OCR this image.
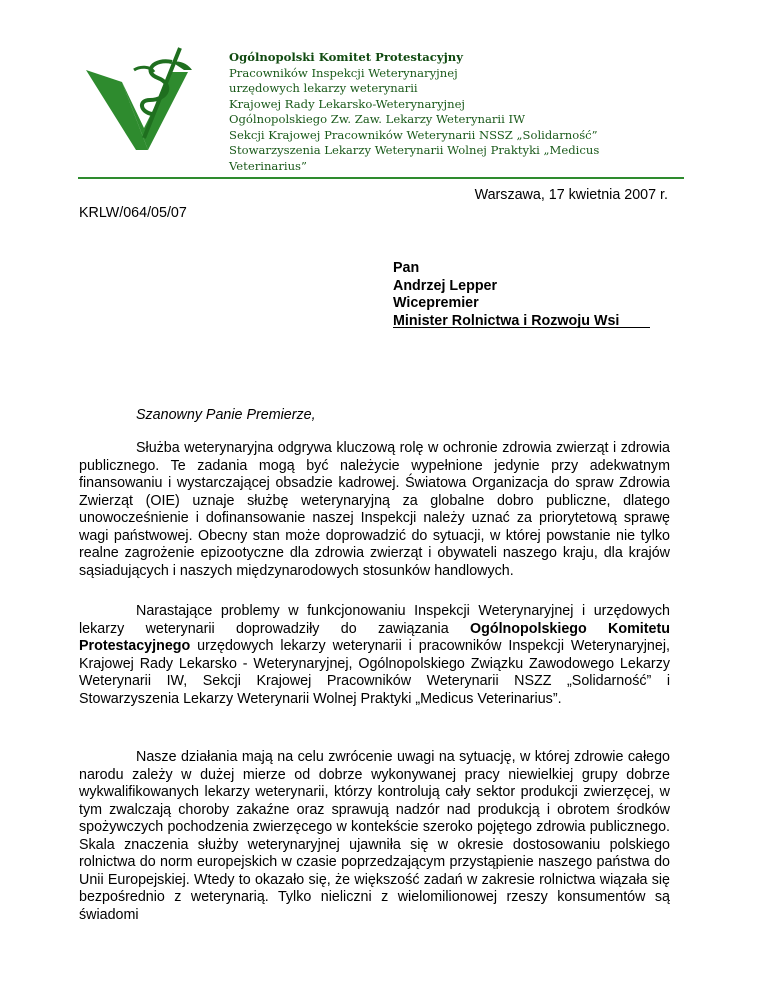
Ogólnopolski Komitet Protestacyjny
Pracowników Inspekcji Weterynaryjnej
urzędowych lekarzy weterynarii
Krajowej Rady Lekarsko-Weterynaryjnej
Ogólnopolskiego Zw. Zaw. Lekarzy Weterynarii IW
Sekcji Krajowej Pracowników Weterynarii NSSZ „Solidarność”
Stowarzyszenia Lekarzy Weterynarii Wolnej Praktyki „Medicus
Veterinarius”
Warszawa, 17 kwietnia 2007 r.
KRLW/064/05/07
Pan
Andrzej Lepper
Wicepremier
Minister Rolnictwa i Rozwoju Wsi
Szanowny Panie Premierze,

Służba weterynaryjna odgrywa kluczową rolę w ochronie zdrowia zwierząt i zdrowia publicznego. Te zadania mogą być należycie wypełnione jedynie przy adekwatnym finansowaniu i wystarczającej obsadzie kadrowej. Światowa Organizacja do spraw Zdrowia Zwierząt (OIE) uznaje służbę weterynaryjną za globalne dobro publiczne, dlatego unowocześnienie i dofinansowanie naszej Inspekcji należy uznać za priorytetową sprawę wagi państwowej. Obecny stan może doprowadzić do sytuacji, w której powstanie nie tylko realne zagrożenie epizootyczne dla zdrowia zwierząt i obywateli naszego kraju, dla krajów sąsiadujących i naszych międzynarodowych stosunków handlowych.

Narastające problemy w funkcjonowaniu Inspekcji Weterynaryjnej i urzędowych lekarzy weterynarii doprowadziły do zawiązania Ogólnopolskiego Komitetu Protestacyjnego urzędowych lekarzy weterynarii i pracowników Inspekcji Weterynaryjnej, Krajowej Rady Lekarsko - Weterynaryjnej, Ogólnopolskiego Związku Zawodowego Lekarzy Weterynarii IW, Sekcji Krajowej Pracowników Weterynarii NSZZ „Solidarność” i Stowarzyszenia Lekarzy Weterynarii Wolnej Praktyki „Medicus Veterinarius”.

Nasze działania mają na celu zwrócenie uwagi na sytuację, w której zdrowie całego narodu zależy w dużej mierze od dobrze wykonywanej pracy niewielkiej grupy dobrze wykwalifikowanych lekarzy weterynarii, którzy kontrolują cały sektor produkcji zwierzęcej, w tym zwalczają choroby zakaźne oraz sprawują nadzór nad produkcją i obrotem środków spożywczych pochodzenia zwierzęcego w kontekście szeroko pojętego zdrowia publicznego. Skala znaczenia służby weterynaryjnej ujawniła się w okresie dostosowaniu polskiego rolnictwa do norm europejskich w czasie poprzedzającym przystąpienie naszego państwa do Unii Europejskiej. Wtedy to okazało się, że większość zadań w zakresie rolnictwa wiązała się bezpośrednio z weterynarią. Tylko nieliczni z wielomilionowej rzeszy konsumentów są świadomi
